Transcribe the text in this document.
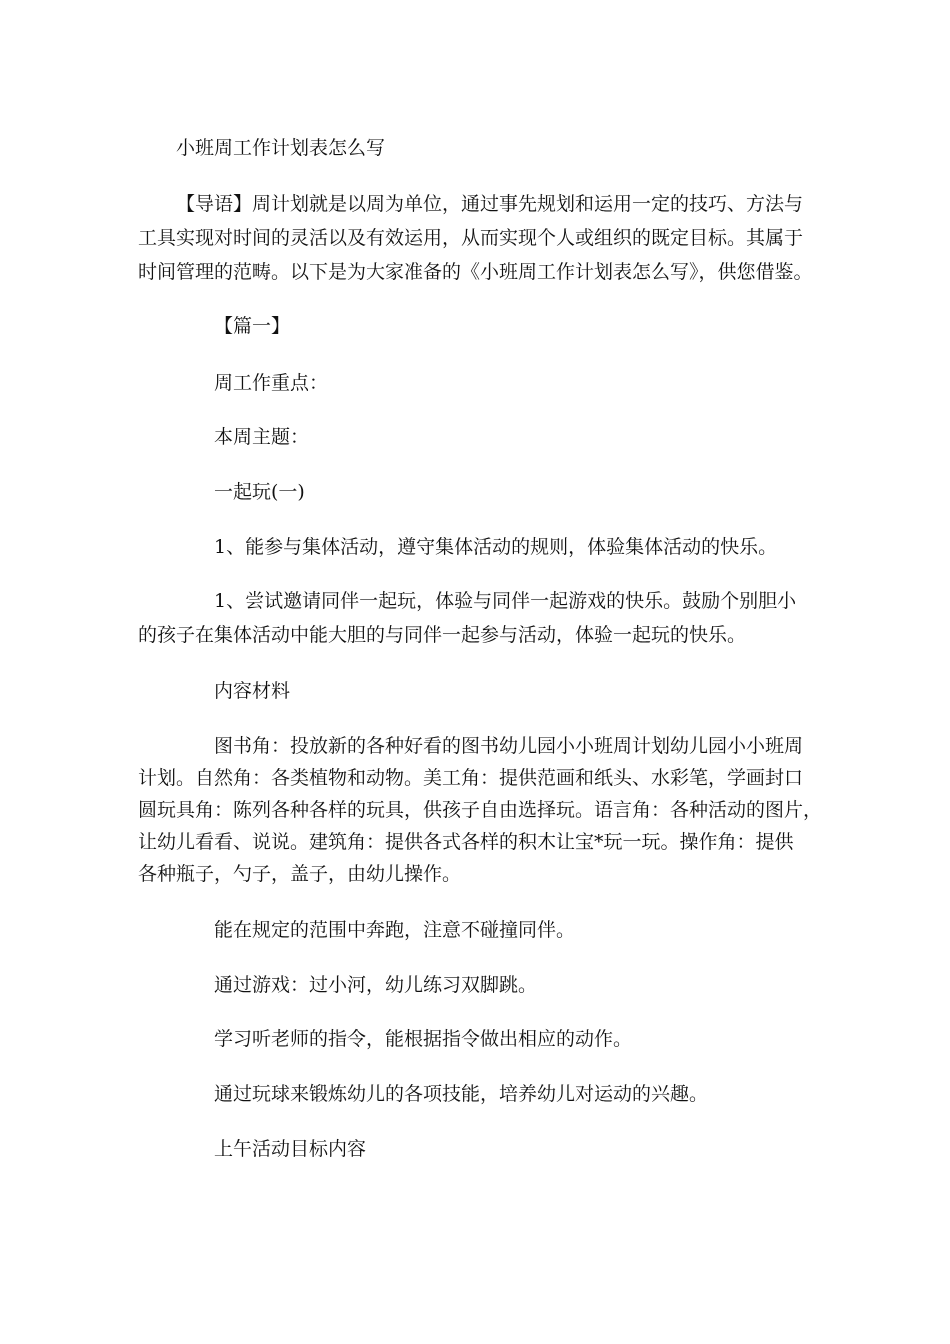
小班周工作计划表怎么写

【导语】周计划就是以周为单位，通过事先规划和运用一定的技巧、方法与

工具实现对时间的灵活以及有效运用，从而实现个人或组织的既定目标。其属于

时间管理的范畴。以下是为大家准备的《小班周工作计划表怎么写》，供您借鉴。

【篇一】

周工作重点：

本周主题：

一起玩(一)

1、能参与集体活动，遵守集体活动的规则，体验集体活动的快乐。

1、尝试邀请同伴一起玩，体验与同伴一起游戏的快乐。鼓励个别胆小

的孩子在集体活动中能大胆的与同伴一起参与活动，体验一起玩的快乐。

内容材料

图书角：投放新的各种好看的图书幼儿园小小班周计划幼儿园小小班周

计划。自然角：各类植物和动物。美工角：提供范画和纸头、水彩笔，学画封口

圆玩具角：陈列各种各样的玩具，供孩子自由选择玩。语言角：各种活动的图片，

让幼儿看看、说说。建筑角：提供各式各样的积木让宝*玩一玩。操作角：提供

各种瓶子，勺子，盖子，由幼儿操作。

能在规定的范围中奔跑，注意不碰撞同伴。

通过游戏：过小河，幼儿练习双脚跳。

学习听老师的指令，能根据指令做出相应的动作。

通过玩球来锻炼幼儿的各项技能，培养幼儿对运动的兴趣。

上午活动目标内容
